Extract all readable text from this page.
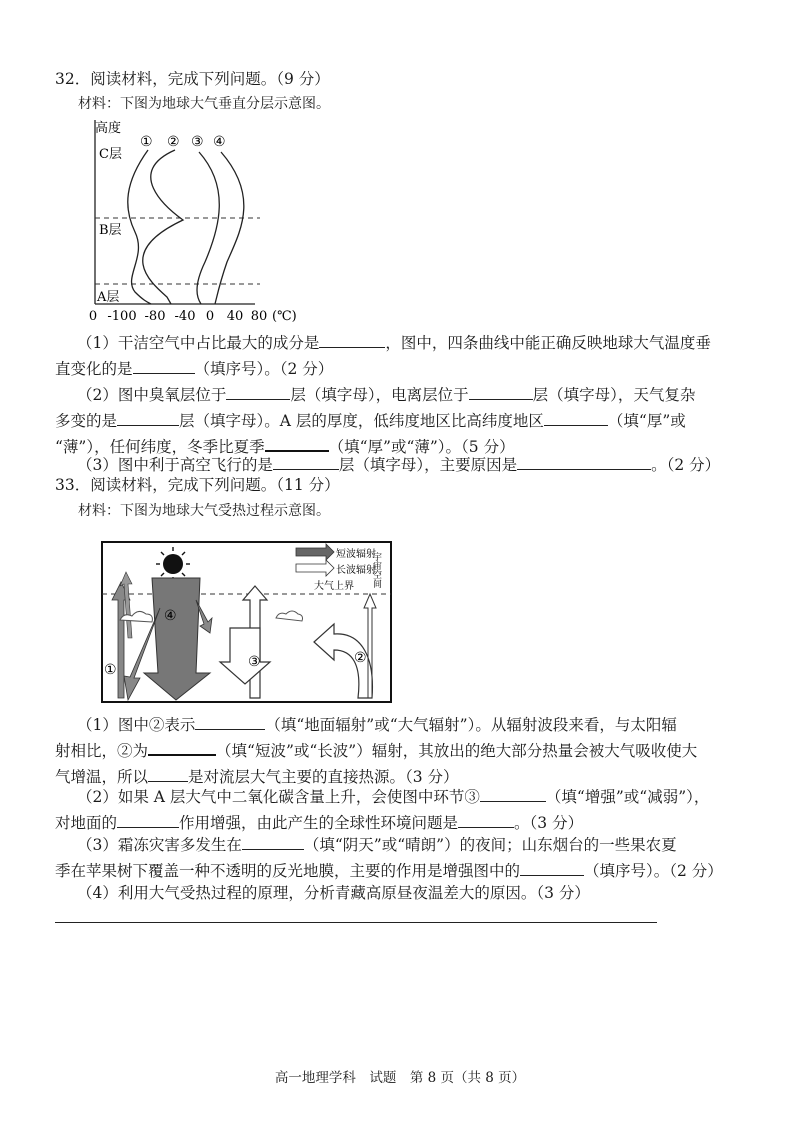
32．阅读材料，完成下列问题。（9 分）
材料：下图为地球大气垂直分层示意图。
高度
C层
B层
A层
① ② ③ ④
0 -100 -80 -40 0 40 80 (℃)
（1）干洁空气中占比最大的成分是	，图中，四条曲线中能正确反映地球大气温度垂
直变化的是	（填序号）。（2 分）
（2）图中臭氧层位于	层（填字母），电离层位于	层（填字母），天气复杂
多变的是	层（填字母）。A 层的厚度，低纬度地区比高纬度地区	（填“厚”或
“薄”），任何纬度，冬季比夏季	（填“厚”或“薄”）。（5 分）
（3）图中利于高空飞行的是	层（填字母），主要原因是	。（2 分）
33．阅读材料，完成下列问题。（11 分）
材料：下图为地球大气受热过程示意图。
短波辐射
长波辐射
大气上界 宇宙空间
④
①	③	②
（1）图中②表示	（填“地面辐射”或“大气辐射”）。从辐射波段来看，与太阳辐
射相比，②为	（填“短波”或“长波”）辐射，其放出的绝大部分热量会被大气吸收使大
气增温，所以	是对流层大气主要的直接热源。（3 分）
（2）如果 A 层大气中二氧化碳含量上升，会使图中环节③	（填“增强”或“减弱”），
对地面的	作用增强，由此产生的全球性环境问题是	。（3 分）
（3）霜冻灾害多发生在	（填“阴天”或“晴朗”）的夜间；山东烟台的一些果农夏
季在苹果树下覆盖一种不透明的反光地膜，主要的作用是增强图中的	（填序号）。（2 分）
（4）利用大气受热过程的原理，分析青藏高原昼夜温差大的原因。（3 分）
高一地理学科　试题　第 8 页（共 8 页）
